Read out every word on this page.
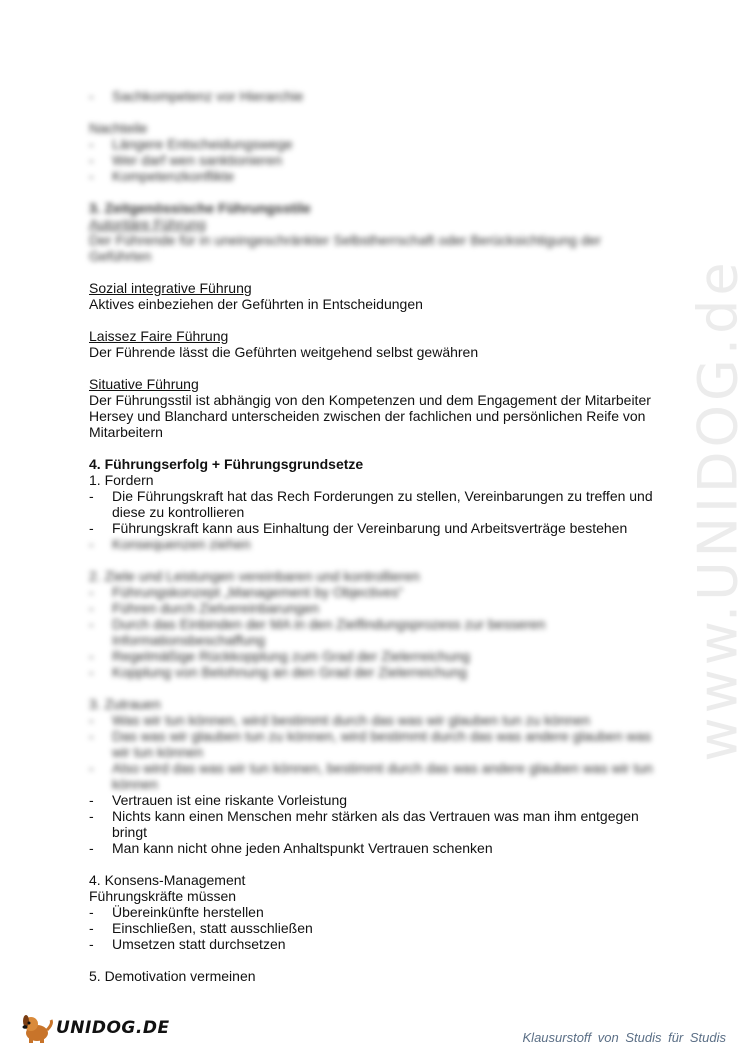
www.UNIDOG.de
- Sachkompetenz vor Hierarchie
Nachteile
- Längere Entscheidungswege
- Wer darf wen sanktionieren
- Kompetenzkonflikte
3. Zeitgenössische Führungsstile
Autoritäre Führung
Der Führende für in uneingeschränkter Selbstherrschaft oder Berücksichtigung der
Geführten
Sozial integrative Führung
Aktives einbeziehen der Geführten in Entscheidungen
Laissez Faire Führung
Der Führende lässt die Geführten weitgehend selbst gewähren
Situative Führung
Der Führungsstil ist abhängig von den Kompetenzen und dem Engagement der Mitarbeiter
Hersey und Blanchard unterscheiden zwischen der fachlichen und persönlichen Reife von
Mitarbeitern
4. Führungserfolg + Führungsgrundsetze
1. Fordern
- Die Führungskraft hat das Rech Forderungen zu stellen, Vereinbarungen zu treffen und diese zu kontrollieren
- Führungskraft kann aus Einhaltung der Vereinbarung und Arbeitsverträge bestehen
- Konsequenzen ziehen
2. Ziele und Leistungen vereinbaren und kontrollieren
- Führungskonzept „Management by Objectives“
- Führen durch Zielvereinbarungen
- Durch das Einbinden der MA in den Zielfindungsprozess zur besseren Informationsbeschaffung
- Regelmäßige Rückkopplung zum Grad der Zielerreichung
- Kopplung von Belohnung an den Grad der Zielerreichung
3. Zutrauen
- Was wir tun können, wird bestimmt durch das was wir glauben tun zu können
- Das was wir glauben tun zu können, wird bestimmt durch das was andere glauben was wir tun können
- Also wird das was wir tun können, bestimmt durch das was andere glauben was wir tun können
- Vertrauen ist eine riskante Vorleistung
- Nichts kann einen Menschen mehr stärken als das Vertrauen was man ihm entgegen bringt
- Man kann nicht ohne jeden Anhaltspunkt Vertrauen schenken
4. Konsens-Management
Führungskräfte müssen
- Übereinkünfte herstellen
- Einschließen, statt ausschließen
- Umsetzen statt durchsetzen
5. Demotivation vermeinen
UNIDOG.DE	Klausurstoff von Studis für Studis
